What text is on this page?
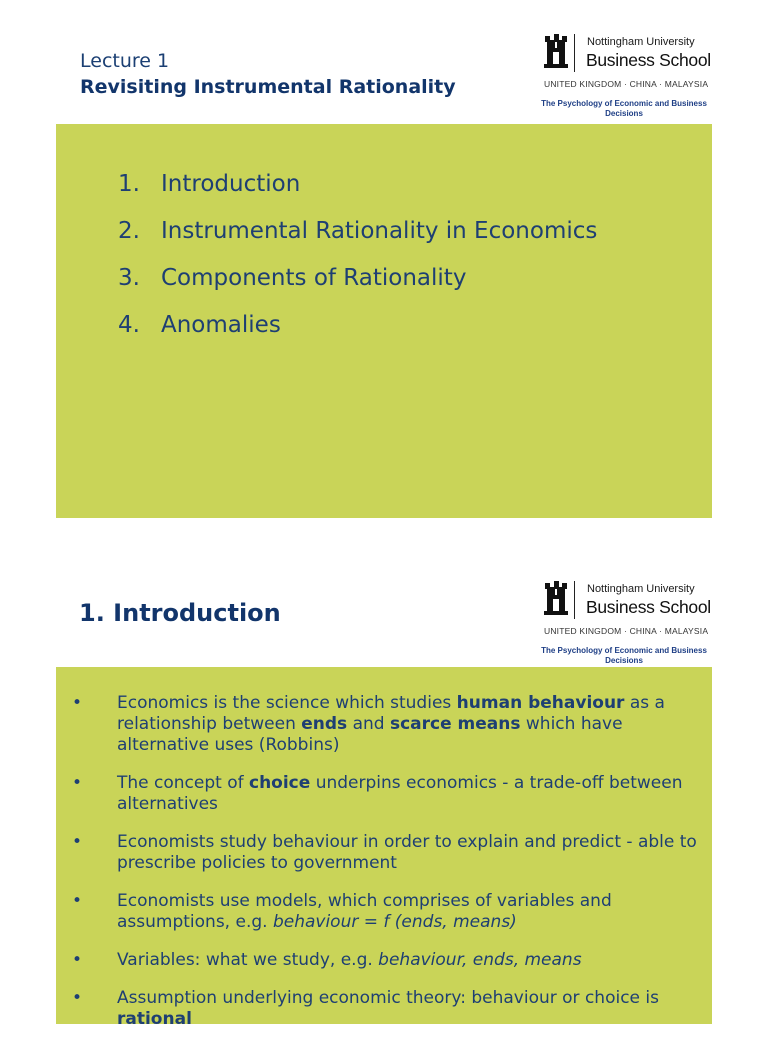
Lecture 1
Revisiting Instrumental Rationality
Nottingham University
Business School
UNITED KINGDOM · CHINA · MALAYSIA
The Psychology of Economic and Business
Decisions
1. Introduction
2. Instrumental Rationality in Economics
3. Components of Rationality
4. Anomalies
1. Introduction
Nottingham University
Business School
UNITED KINGDOM · CHINA · MALAYSIA
The Psychology of Economic and Business
Decisions
• Economics is the science which studies human behaviour as a relationship between ends and scarce means which have alternative uses (Robbins)
• The concept of choice underpins economics - a trade-off between alternatives
• Economists study behaviour in order to explain and predict - able to prescribe policies to government
• Economists use models, which comprises of variables and assumptions, e.g. behaviour = f (ends, means)
• Variables: what we study, e.g. behaviour, ends, means
• Assumption underlying economic theory: behaviour or choice is rational
